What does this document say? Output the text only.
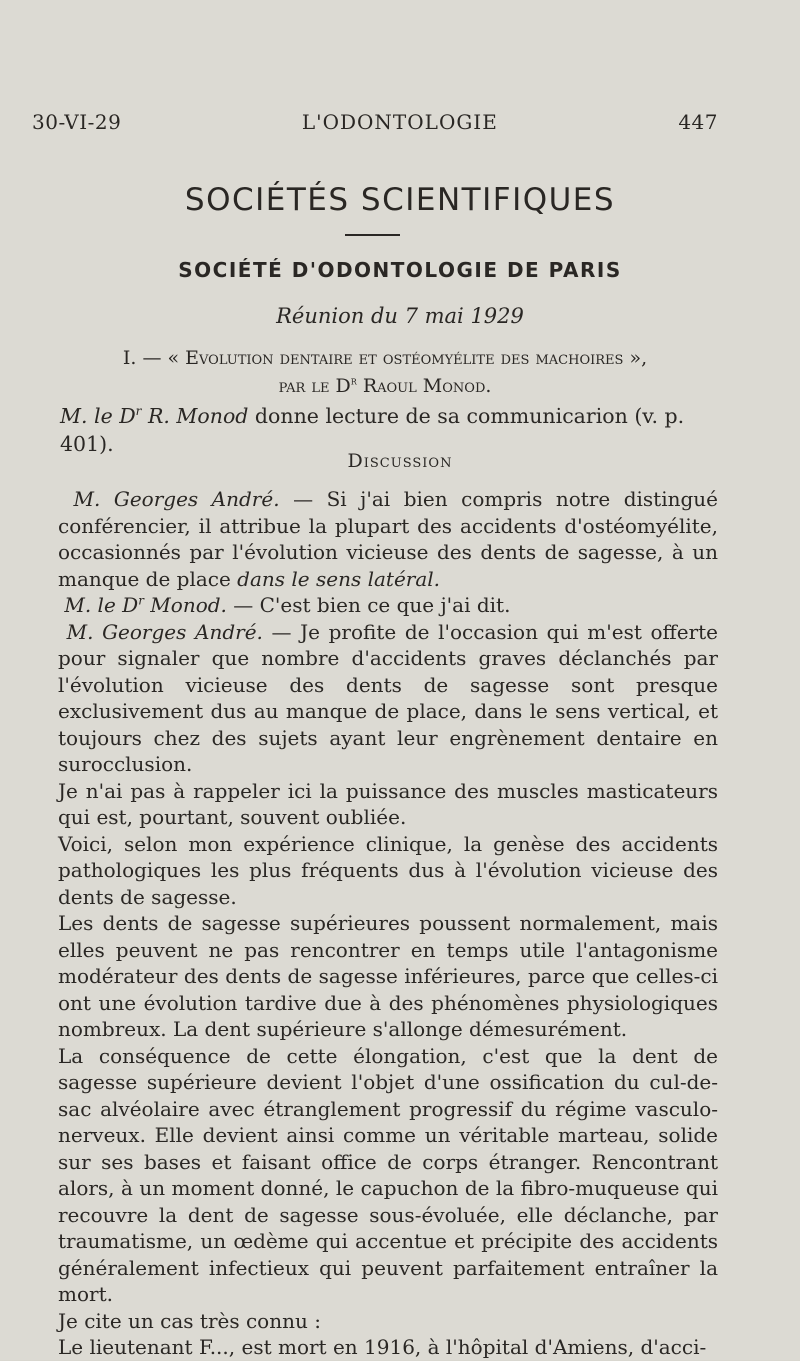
30-VI-29	L'ODONTOLOGIE	447
SOCIÉTÉS SCIENTIFIQUES
SOCIÉTÉ D'ODONTOLOGIE DE PARIS
Réunion du 7 mai 1929
I. — « Evolution dentaire et ostéomyélite des machoires »,
par le $D^r$ Raoul Monod.
M. le $D^r$ R. Monod donne lecture de sa communicarion (v. p. 401).
Discussion

M. Georges André. — Si j'ai bien compris notre distingué conférencier, il attribue la plupart des accidents d'ostéomyélite, occasionnés par l'évolution vicieuse des dents de sagesse, à un manque de place dans le sens latéral.

M. le $D^r$ Monod. — C'est bien ce que j'ai dit.

M. Georges André. — Je profite de l'occasion qui m'est offerte pour signaler que nombre d'accidents graves déclanchés par l'évolution vicieuse des dents de sagesse sont presque exclusivement dus au manque de place, dans le sens vertical, et toujours chez des sujets ayant leur engrènement dentaire en surocclusion.

Je n'ai pas à rappeler ici la puissance des muscles masticateurs qui est, pourtant, souvent oubliée.

Voici, selon mon expérience clinique, la genèse des accidents pathologiques les plus fréquents dus à l'évolution vicieuse des dents de sagesse.

Les dents de sagesse supérieures poussent normalement, mais elles peuvent ne pas rencontrer en temps utile l'antagonisme modérateur des dents de sagesse inférieures, parce que celles-ci ont une évolution tardive due à des phénomènes physiologiques nombreux. La dent supérieure s'allonge démesurément.

La conséquence de cette élongation, c'est que la dent de sagesse supérieure devient l'objet d'une ossification du cul-de-sac alvéolaire avec étranglement progressif du régime vasculo-nerveux. Elle devient ainsi comme un véritable marteau, solide sur ses bases et faisant office de corps étranger. Rencontrant alors, à un moment donné, le capuchon de la fibro-muqueuse qui recouvre la dent de sagesse sous-évoluée, elle déclanche, par traumatisme, un œdème qui accentue et précipite des accidents généralement infectieux qui peuvent parfaitement entraîner la mort.

Je cite un cas très connu :

Le lieutenant F..., est mort en 1916, à l'hôpital d'Amiens, d'acci-
